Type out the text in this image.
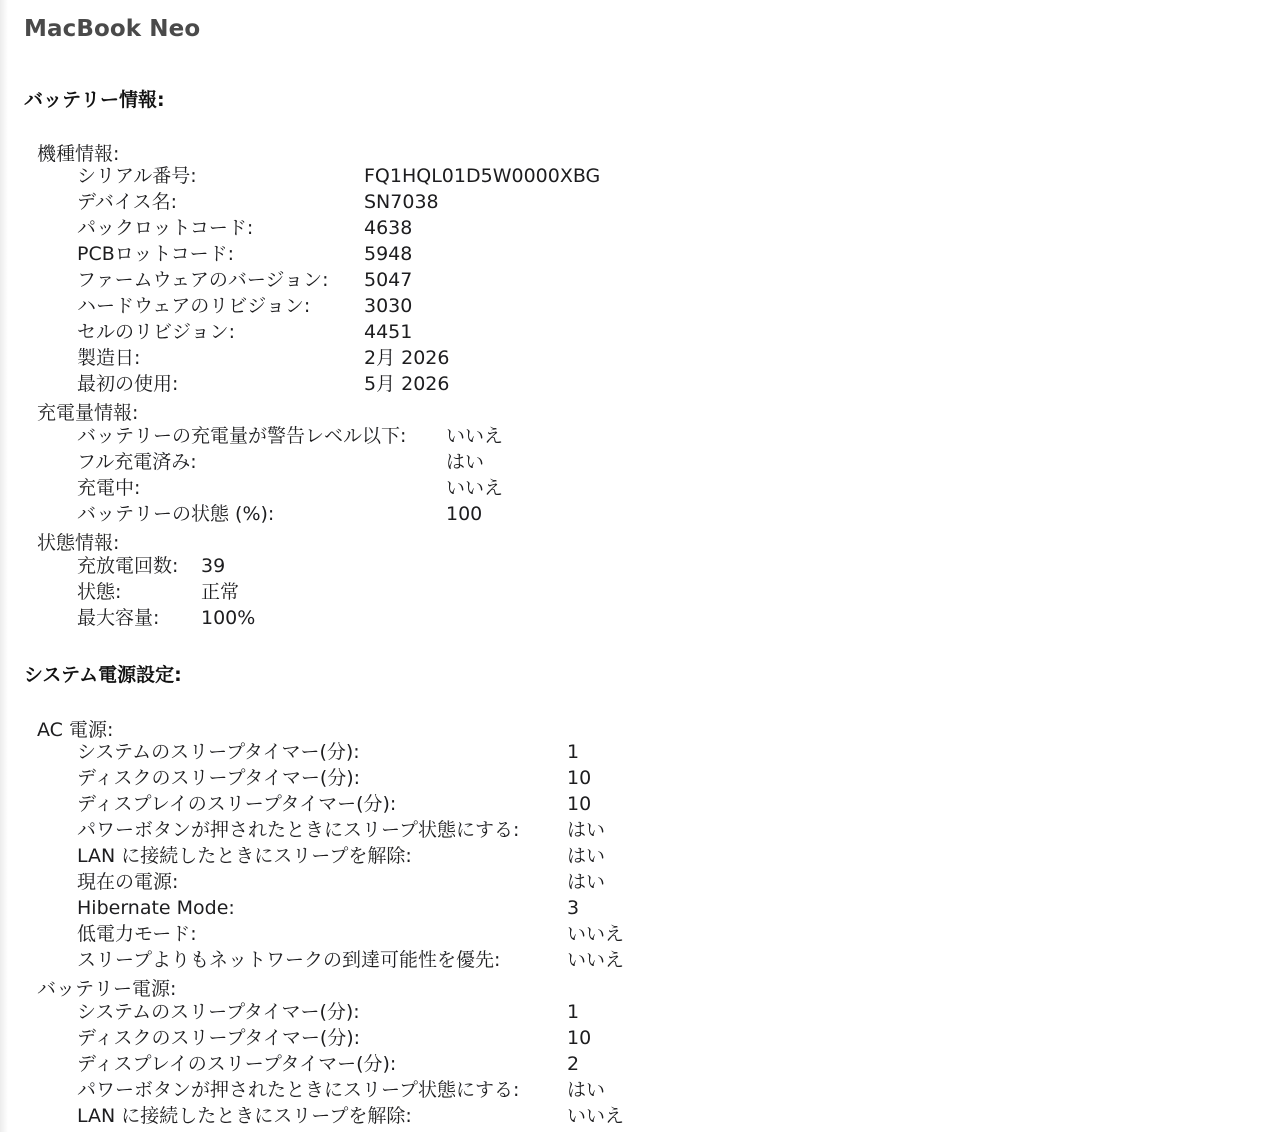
MacBook Neo
バッテリー情報:
機種情報:
シリアル番号:	FQ1HQL01D5W0000XBG
デバイス名:	SN7038
パックロットコード:	4638
PCBロットコード:	5948
ファームウェアのバージョン: 5047
ハードウェアのリビジョン:	3030
セルのリビジョン:	4451
製造日:	2月 2026
最初の使用:	5月 2026
充電量情報:
バッテリーの充電量が警告レベル以下: いいえ
フル充電済み:	はい
充電中:	いいえ
バッテリーの状態 (%):	100
状態情報:
充放電回数: 39
状態:	正常
最大容量: 100%
システム電源設定:
AC 電源:
システムのスリープタイマー(分):	1
ディスクのスリープタイマー(分):	10
ディスプレイのスリープタイマー(分):	10
パワーボタンが押されたときにスリープ状態にする:	はい
LAN に接続したときにスリープを解除:	はい
現在の電源:	はい
Hibernate Mode:	3
低電力モード:	いいえ
スリープよりもネットワークの到達可能性を優先:	いいえ
バッテリー電源:
システムのスリープタイマー(分):	1
ディスクのスリープタイマー(分):	10
ディスプレイのスリープタイマー(分):	2
パワーボタンが押されたときにスリープ状態にする:	はい
LAN に接続したときにスリープを解除:	いいえ
